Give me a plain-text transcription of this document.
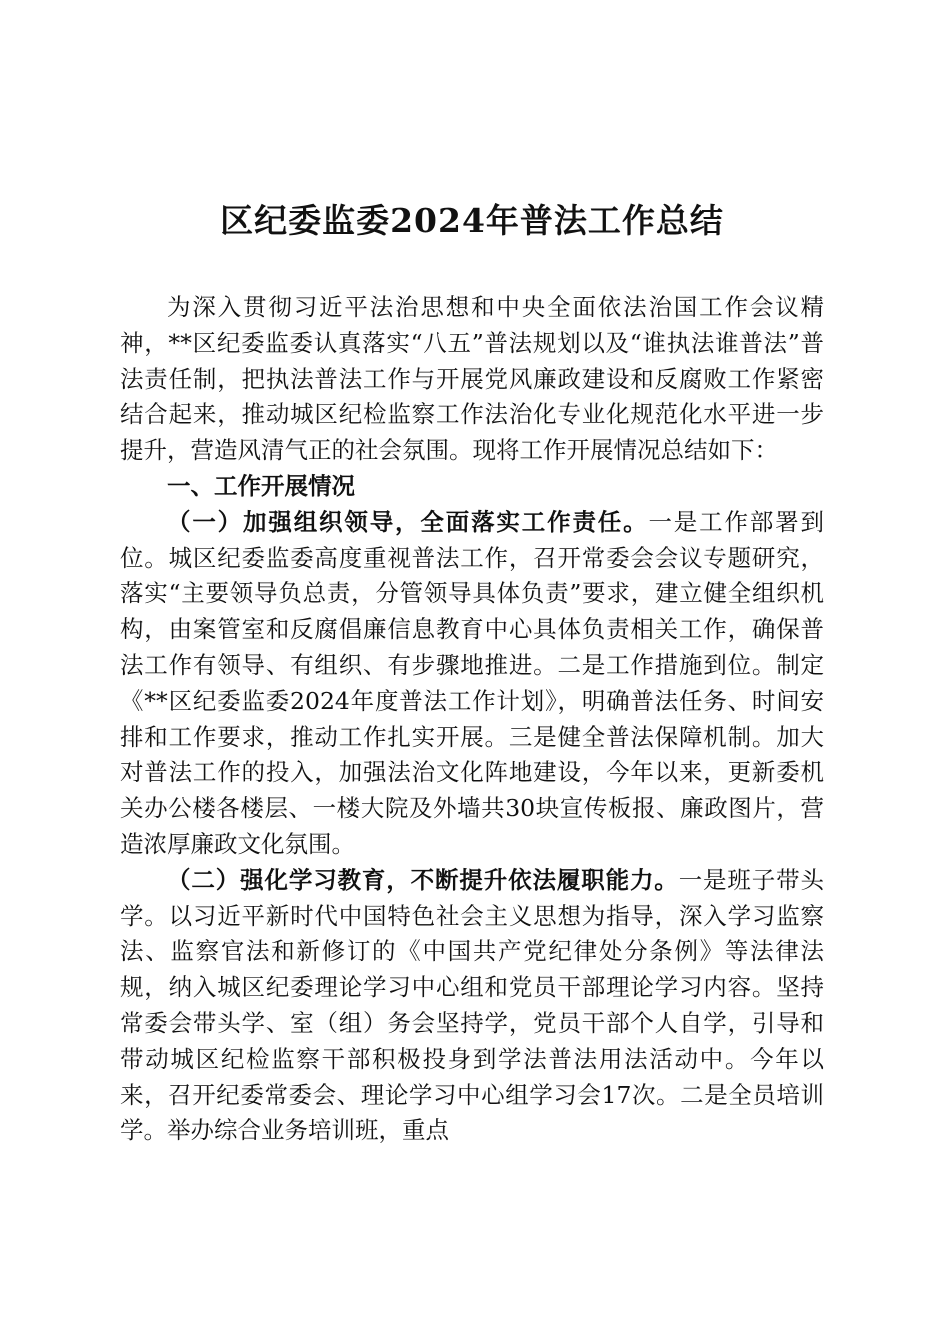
区纪委监委2024年普法工作总结

为深入贯彻习近平法治思想和中央全面依法治国工作会议精神，**区纪委监委认真落实“八五”普法规划以及“谁执法谁普法”普法责任制，把执法普法工作与开展党风廉政建设和反腐败工作紧密结合起来，推动城区纪检监察工作法治化专业化规范化水平进一步提升，营造风清气正的社会氛围。现将工作开展情况总结如下：

一、工作开展情况

（一）加强组织领导，全面落实工作责任。一是工作部署到位。城区纪委监委高度重视普法工作，召开常委会会议专题研究，落实“主要领导负总责，分管领导具体负责”要求，建立健全组织机构，由案管室和反腐倡廉信息教育中心具体负责相关工作，确保普法工作有领导、有组织、有步骤地推进。二是工作措施到位。制定《**区纪委监委2024年度普法工作计划》，明确普法任务、时间安排和工作要求，推动工作扎实开展。三是健全普法保障机制。加大对普法工作的投入，加强法治文化阵地建设，今年以来，更新委机关办公楼各楼层、一楼大院及外墙共30块宣传板报、廉政图片，营造浓厚廉政文化氛围。

（二）强化学习教育，不断提升依法履职能力。一是班子带头学。以习近平新时代中国特色社会主义思想为指导，深入学习监察法、监察官法和新修订的《中国共产党纪律处分条例》等法律法规，纳入城区纪委理论学习中心组和党员干部理论学习内容。坚持常委会带头学、室（组）务会坚持学，党员干部个人自学，引导和带动城区纪检监察干部积极投身到学法普法用法活动中。今年以来，召开纪委常委会、理论学习中心组学习会17次。二是全员培训学。举办综合业务培训班，重点
